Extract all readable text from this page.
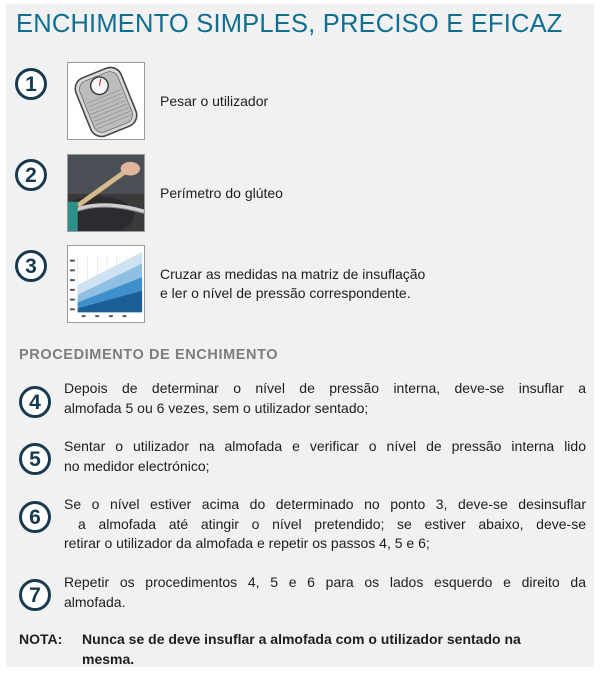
ENCHIMENTO SIMPLES, PRECISO E EFICAZ
1
Pesar o utilizador
2
Perímetro do glúteo
3	Cruzar as medidas na matriz de insuflação
e ler o nível de pressão correspondente.
PROCEDIMENTO DE ENCHIMENTO
4
Depois de determinar o nível de pressão interna, deve-se insuflar a
almofada 5 ou 6 vezes, sem o utilizador sentado;
5
Sentar o utilizador na almofada e verificar o nível de pressão interna lido
no medidor electrónico;
6
Se o nível estiver acima do determinado no ponto 3, deve-se desinsuflar
a almofada até atingir o nível pretendido; se estiver abaixo, deve-se
retirar o utilizador da almofada e repetir os passos 4, 5 e 6;
7
Repetir os procedimentos 4, 5 e 6 para os lados esquerdo e direito da
almofada.
NOTA: Nunca se de deve insuflar a almofada com o utilizador sentado na
mesma.
